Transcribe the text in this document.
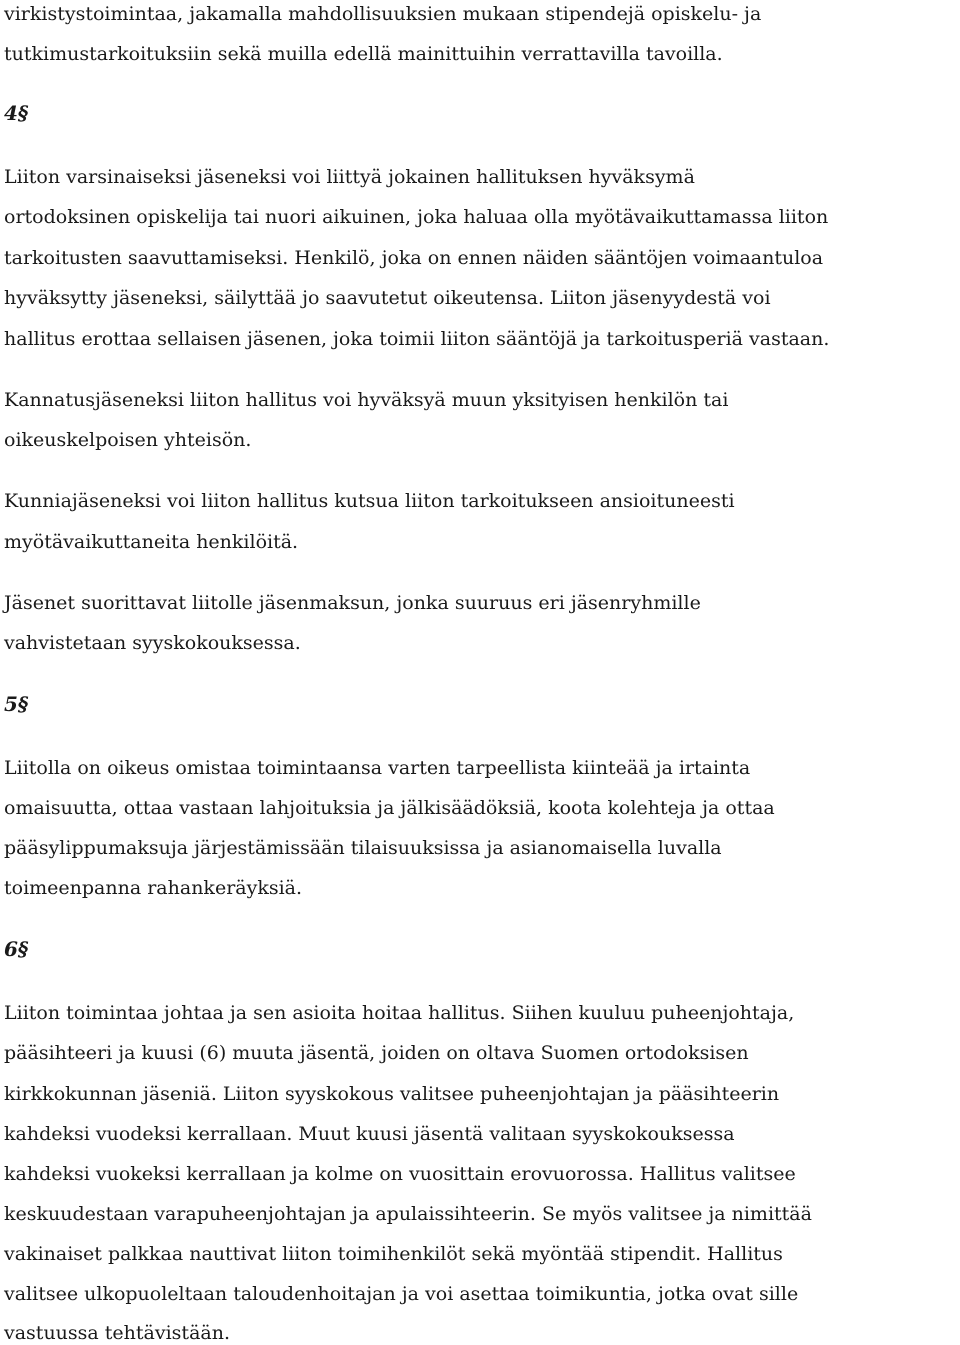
virkistystoimintaa, jakamalla mahdollisuuksien mukaan stipendejä opiskelu- ja

tutkimustarkoituksiin sekä muilla edellä mainittuihin verrattavilla tavoilla.

4§

Liiton varsinaiseksi jäseneksi voi liittyä jokainen hallituksen hyväksymä

ortodoksinen opiskelija tai nuori aikuinen, joka haluaa olla myötävaikuttamassa liiton

tarkoitusten saavuttamiseksi. Henkilö, joka on ennen näiden sääntöjen voimaantuloa

hyväksytty jäseneksi, säilyttää jo saavutetut oikeutensa. Liiton jäsenyydestä voi

hallitus erottaa sellaisen jäsenen, joka toimii liiton sääntöjä ja tarkoitusperiä vastaan.

Kannatusjäseneksi liiton hallitus voi hyväksyä muun yksityisen henkilön tai

oikeuskelpoisen yhteisön.

Kunniajäseneksi voi liiton hallitus kutsua liiton tarkoitukseen ansioituneesti

myötävaikuttaneita henkilöitä.

Jäsenet suorittavat liitolle jäsenmaksun, jonka suuruus eri jäsenryhmille

vahvistetaan syyskokouksessa.

5§

Liitolla on oikeus omistaa toimintaansa varten tarpeellista kiinteää ja irtainta

omaisuutta, ottaa vastaan lahjoituksia ja jälkisäädöksiä, koota kolehteja ja ottaa

pääsylippumaksuja järjestämissään tilaisuuksissa ja asianomaisella luvalla

toimeenpanna rahankeräyksiä.

6§

Liiton toimintaa johtaa ja sen asioita hoitaa hallitus. Siihen kuuluu puheenjohtaja,

pääsihteeri ja kuusi (6) muuta jäsentä, joiden on oltava Suomen ortodoksisen

kirkkokunnan jäseniä. Liiton syyskokous valitsee puheenjohtajan ja pääsihteerin

kahdeksi vuodeksi kerrallaan. Muut kuusi jäsentä valitaan syyskokouksessa

kahdeksi vuokeksi kerrallaan ja kolme on vuosittain erovuorossa. Hallitus valitsee

keskuudestaan varapuheenjohtajan ja apulaissihteerin. Se myös valitsee ja nimittää

vakinaiset palkkaa nauttivat liiton toimihenkilöt sekä myöntää stipendit. Hallitus

valitsee ulkopuoleltaan taloudenhoitajan ja voi asettaa toimikuntia, jotka ovat sille

vastuussa tehtävistään.
